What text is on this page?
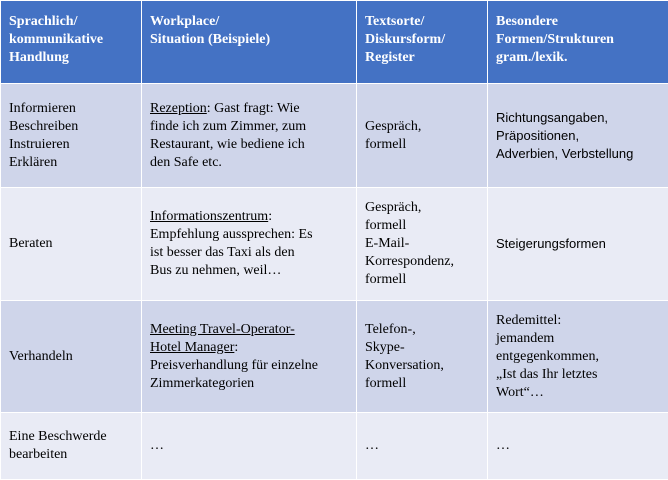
Sprachlich/
kommunikative
Handlung	Workplace/
Situation (Beispiele)	Textsorte/
Diskursform/
Register	Besondere
Formen/Strukturen
gram./lexik.

Informieren
Beschreiben
Instruieren
Erklären	Rezeption: Gast fragt: Wie
finde ich zum Zimmer, zum
Restaurant, wie bediene ich
den Safe etc.	Gespräch,
formell	Richtungsangaben,
Präpositionen,
Adverbien, Verbstellung

Beraten	Informationszentrum:
Empfehlung aussprechen: Es
ist besser das Taxi als den
Bus zu nehmen, weil…	Gespräch,
formell
E-Mail-
Korrespondenz,
formell	Steigerungsformen

Verhandeln	Meeting Travel-Operator-
Hotel Manager:
Preisverhandlung für einzelne
Zimmerkategorien	Telefon-,
Skype-
Konversation,
formell	Redemittel:
jemandem
entgegenkommen,
„Ist das Ihr letztes
Wort“…

Eine Beschwerde
bearbeiten	…	…	…
